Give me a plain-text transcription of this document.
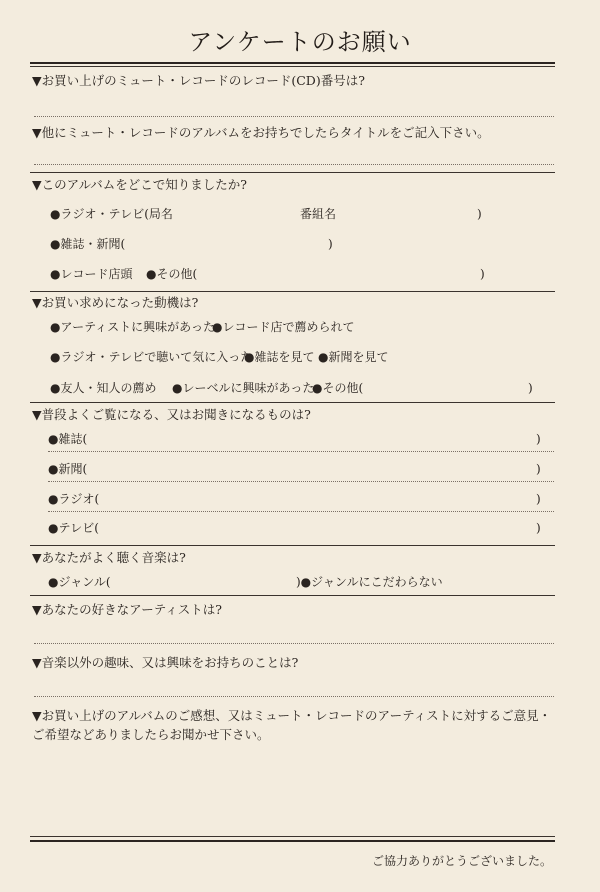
アンケートのお願い
▼お買い上げのミュート・レコードのレコード(CD)番号は?
▼他にミュート・レコードのアルバムをお持ちでしたらタイトルをご記入下さい。
▼このアルバムをどこで知りましたか?
●ラジオ・テレビ(局名	番組名	)
●雑誌・新聞(	)
●レコード店頭 ●その他(	)
▼お買い求めになった動機は?
●アーティストに興味があった
●レコード店で薦められて
●ラジオ・テレビで聴いて気に入った
●雑誌を見て ●新聞を見て
●友人・知人の薦め ●レーベルに興味があった
●その他(	)
▼普段よくご覧になる、又はお聞きになるものは?
●雑誌(	)
●新聞(	)
●ラジオ(	)
●テレビ(	)
▼あなたがよく聴く音楽は?
●ジャンル(	)●ジャンルにこだわらない
▼あなたの好きなアーティストは?
▼音楽以外の趣味、又は興味をお持ちのことは?
▼お買い上げのアルバムのご感想、又はミュート・レコードのアーティストに対するご意見・ご希望などありましたらお聞かせ下さい。
ご協力ありがとうございました。
